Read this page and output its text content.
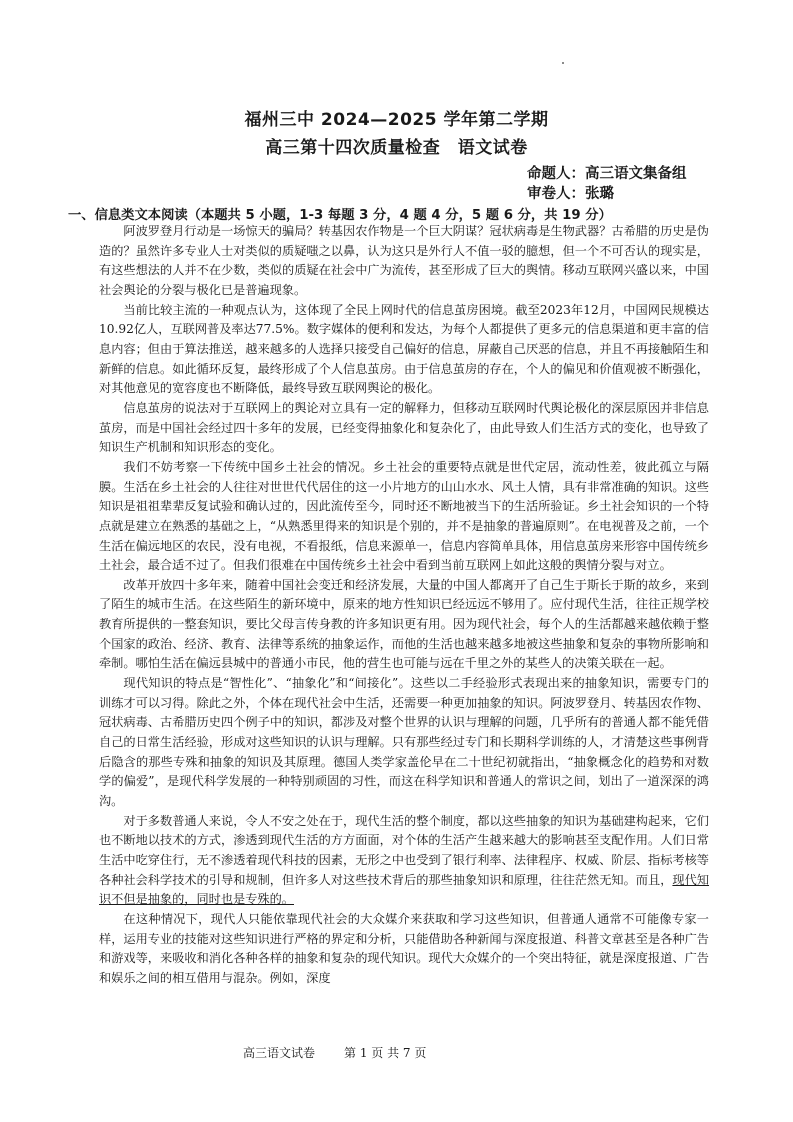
福州三中 2024—2025 学年第二学期
高三第十四次质量检查　语文试卷
命题人：高三语文集备组
审卷人：张璐
一、信息类文本阅读（本题共 5 小题，1-3 每题 3 分，4 题 4 分，5 题 6 分，共 19 分）

阿波罗登月行动是一场惊天的骗局？转基因农作物是一个巨大阴谋？冠状病毒是生物武器？古希腊的历史是伪造的？虽然许多专业人士对类似的质疑嗤之以鼻，认为这只是外行人不值一驳的臆想，但一个不可否认的现实是，有这些想法的人并不在少数，类似的质疑在社会中广为流传，甚至形成了巨大的舆情。移动互联网兴盛以来，中国社会舆论的分裂与极化已是普遍现象。

当前比较主流的一种观点认为，这体现了全民上网时代的信息茧房困境。截至2023年12月，中国网民规模达10.92亿人，互联网普及率达77.5%。数字媒体的便利和发达，为每个人都提供了更多元的信息渠道和更丰富的信息内容；但由于算法推送，越来越多的人选择只接受自己偏好的信息，屏蔽自己厌恶的信息，并且不再接触陌生和新鲜的信息。如此循环反复，最终形成了个人信息茧房。由于信息茧房的存在，个人的偏见和价值观被不断强化，对其他意见的宽容度也不断降低，最终导致互联网舆论的极化。

信息茧房的说法对于互联网上的舆论对立具有一定的解释力，但移动互联网时代舆论极化的深层原因并非信息茧房，而是中国社会经过四十多年的发展，已经变得抽象化和复杂化了，由此导致人们生活方式的变化，也导致了知识生产机制和知识形态的变化。

我们不妨考察一下传统中国乡土社会的情况。乡土社会的重要特点就是世代定居，流动性差，彼此孤立与隔膜。生活在乡土社会的人往往对世世代代居住的这一小片地方的山山水水、风土人情，具有非常准确的知识。这些知识是祖祖辈辈反复试验和确认过的，因此流传至今，同时还不断地被当下的生活所验证。乡土社会知识的一个特点就是建立在熟悉的基础之上，“从熟悉里得来的知识是个别的，并不是抽象的普遍原则”。在电视普及之前，一个生活在偏远地区的农民，没有电视，不看报纸，信息来源单一，信息内容简单具体，用信息茧房来形容中国传统乡土社会，最合适不过了。但我们很难在中国传统乡土社会中看到当前互联网上如此这般的舆情分裂与对立。

改革开放四十多年来，随着中国社会变迁和经济发展，大量的中国人都离开了自己生于斯长于斯的故乡，来到了陌生的城市生活。在这些陌生的新环境中，原来的地方性知识已经远远不够用了。应付现代生活，往往正规学校教育所提供的一整套知识，要比父母言传身教的许多知识更有用。因为现代社会，每个人的生活都越来越依赖于整个国家的政治、经济、教育、法律等系统的抽象运作，而他的生活也越来越多地被这些抽象和复杂的事物所影响和牵制。哪怕生活在偏远县城中的普通小市民，他的营生也可能与远在千里之外的某些人的决策关联在一起。

现代知识的特点是“智性化”、“抽象化”和“间接化”。这些以二手经验形式表现出来的抽象知识，需要专门的训练才可以习得。除此之外，个体在现代社会中生活，还需要一种更加抽象的知识。阿波罗登月、转基因农作物、冠状病毒、古希腊历史四个例子中的知识，都涉及对整个世界的认识与理解的问题，几乎所有的普通人都不能凭借自己的日常生活经验，形成对这些知识的认识与理解。只有那些经过专门和长期科学训练的人，才清楚这些事例背后隐含的那些专殊和抽象的知识及其原理。德国人类学家盖伦早在二十世纪初就指出，“抽象概念化的趋势和对数学的偏爱”，是现代科学发展的一种特别顽固的习性，而这在科学知识和普通人的常识之间，划出了一道深深的鸿沟。

对于多数普通人来说，令人不安之处在于，现代生活的整个制度，都以这些抽象的知识为基础建构起来，它们也不断地以技术的方式，渗透到现代生活的方方面面，对个体的生活产生越来越大的影响甚至支配作用。人们日常生活中吃穿住行，无不渗透着现代科技的因素，无形之中也受到了银行利率、法律程序、权威、阶层、指标考核等各种社会科学技术的引导和规制，但许多人对这些技术背后的那些抽象知识和原理，往往茫然无知。而且，现代知识不但是抽象的，同时也是专殊的。

在这种情况下，现代人只能依靠现代社会的大众媒介来获取和学习这些知识，但普通人通常不可能像专家一样，运用专业的技能对这些知识进行严格的界定和分析，只能借助各种新闻与深度报道、科普文章甚至是各种广告和游戏等，来吸收和消化各种各样的抽象和复杂的现代知识。现代大众媒介的一个突出特征，就是深度报道、广告和娱乐之间的相互借用与混杂。例如，深度

高三语文试卷 第 1 页 共 7 页
